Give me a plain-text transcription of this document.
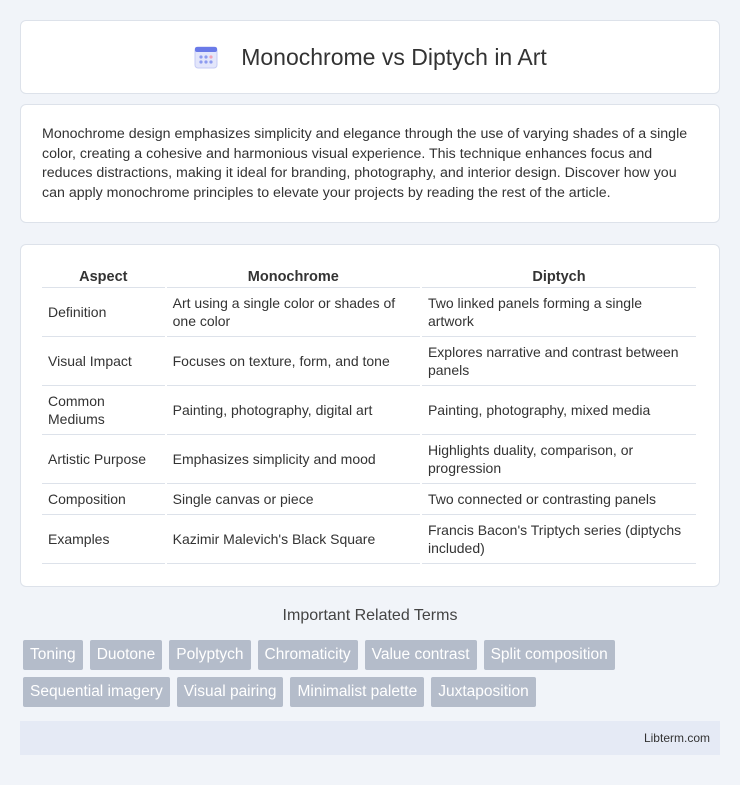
Monochrome vs Diptych in Art

Monochrome design emphasizes simplicity and elegance through the use of varying shades of a single color, creating a cohesive and harmonious visual experience. This technique enhances focus and reduces distractions, making it ideal for branding, photography, and interior design. Discover how you can apply monochrome principles to elevate your projects by reading the rest of the article.

Aspect	Monochrome	Diptych
Definition	Art using a single color or shades of one color	Two linked panels forming a single artwork
Visual Impact	Focuses on texture, form, and tone	Explores narrative and contrast between panels
Common Mediums	Painting, photography, digital art	Painting, photography, mixed media
Artistic Purpose	Emphasizes simplicity and mood	Highlights duality, comparison, or progression
Composition	Single canvas or piece	Two connected or contrasting panels
Examples	Kazimir Malevich's Black Square	Francis Bacon's Triptych series (diptychs included)
Important Related Terms
Toning	Duotone	Polyptych	Chromaticity	Value contrast	Split composition
Sequential imagery	Visual pairing	Minimalist palette	Juxtaposition
Libterm.com
